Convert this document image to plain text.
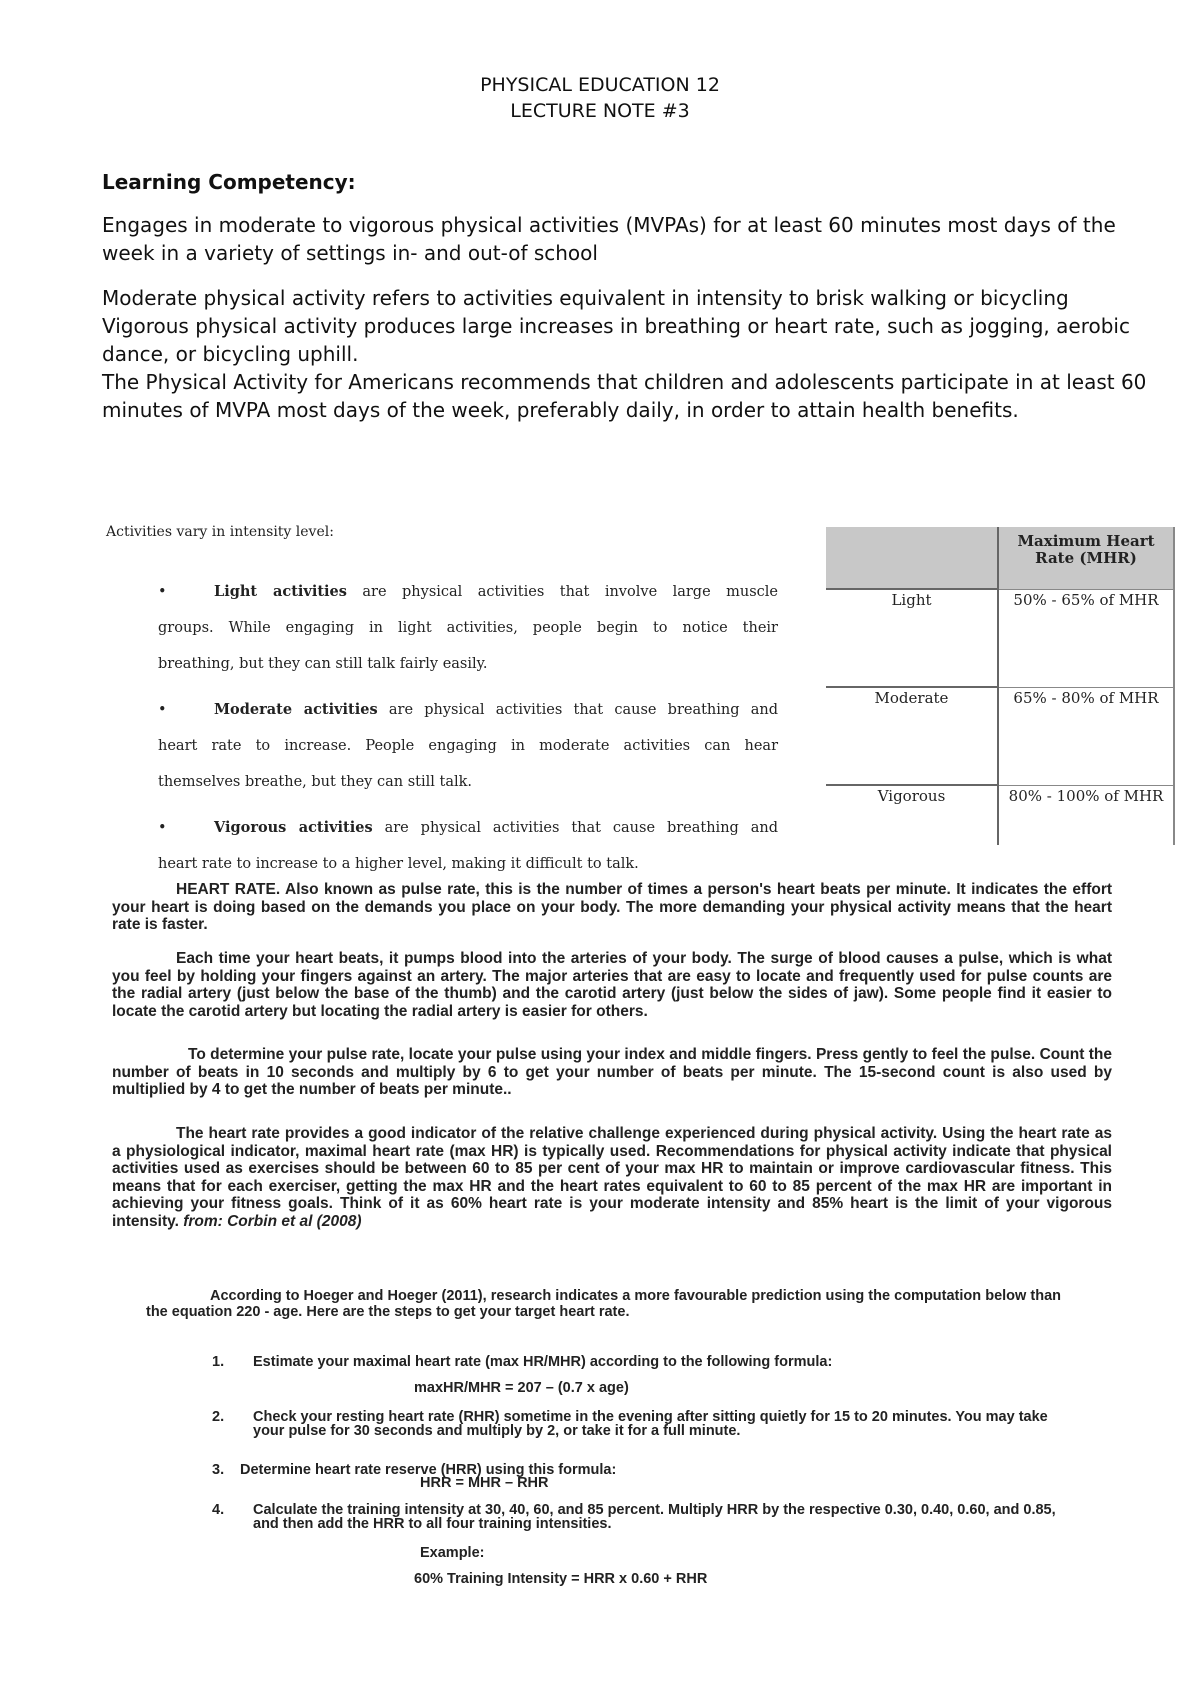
PHYSICAL EDUCATION 12
LECTURE NOTE #3
Learning Competency:
Engages in moderate to vigorous physical activities (MVPAs) for at least 60 minutes most days of the week in a variety of settings in- and out-of school

Moderate physical activity refers to activities equivalent in intensity to brisk walking or bicycling

Vigorous physical activity produces large increases in breathing or heart rate, such as jogging, aerobic dance, or bicycling uphill.

The Physical Activity for Americans recommends that children and adolescents participate in at least 60 minutes of MVPA most days of the week, preferably daily, in order to attain health benefits.

Activities vary in intensity level:
•	Light activities are physical activities that involve large muscle
groups. While engaging in light activities, people begin to notice their
breathing, but they can still talk fairly easily.
•	Moderate activities are physical activities that cause breathing and
heart rate to increase. People engaging in moderate activities can hear
themselves breathe, but they can still talk.
•	Vigorous activities are physical activities that cause breathing and
heart rate to increase to a higher level, making it difficult to talk.
	Maximum Heart Rate (MHR)
Light	50% - 65% of MHR
Moderate	65% - 80% of MHR
Vigorous	80% - 100% of MHR

HEART RATE. Also known as pulse rate, this is the number of times a person's heart beats per minute. It indicates the effort your heart is doing based on the demands you place on your body. The more demanding your physical activity means that the heart rate is faster.

Each time your heart beats, it pumps blood into the arteries of your body. The surge of blood causes a pulse, which is what you feel by holding your fingers against an artery. The major arteries that are easy to locate and frequently used for pulse counts are the radial artery (just below the base of the thumb) and the carotid artery (just below the sides of jaw). Some people find it easier to locate the carotid artery but locating the radial artery is easier for others.

To determine your pulse rate, locate your pulse using your index and middle fingers. Press gently to feel the pulse. Count the number of beats in 10 seconds and multiply by 6 to get your number of beats per minute. The 15-second count is also used by multiplied by 4 to get the number of beats per minute..

The heart rate provides a good indicator of the relative challenge experienced during physical activity. Using the heart rate as a physiological indicator, maximal heart rate (max HR) is typically used. Recommendations for physical activity indicate that physical activities used as exercises should be between 60 to 85 per cent of your max HR to maintain or improve cardiovascular fitness. This means that for each exerciser, getting the max HR and the heart rates equivalent to 60 to 85 percent of the max HR are important in achieving your fitness goals. Think of it as 60% heart rate is your moderate intensity and 85% heart is the limit of your vigorous intensity. from: Corbin et al (2008)

According to Hoeger and Hoeger (2011), research indicates a more favourable prediction using the computation below than the equation 220 - age. Here are the steps to get your target heart rate.

1. Estimate your maximal heart rate (max HR/MHR) according to the following formula:
maxHR/MHR = 207 – (0.7 x age)
2. Check your resting heart rate (RHR) sometime in the evening after sitting quietly for 15 to 20 minutes. You may take your pulse for 30 seconds and multiply by 2, or take it for a full minute.
3. Determine heart rate reserve (HRR) using this formula:
HRR = MHR – RHR
4. Calculate the training intensity at 30, 40, 60, and 85 percent. Multiply HRR by the respective 0.30, 0.40, 0.60, and 0.85, and then add the HRR to all four training intensities.
Example:
60% Training Intensity = HRR x 0.60 + RHR
